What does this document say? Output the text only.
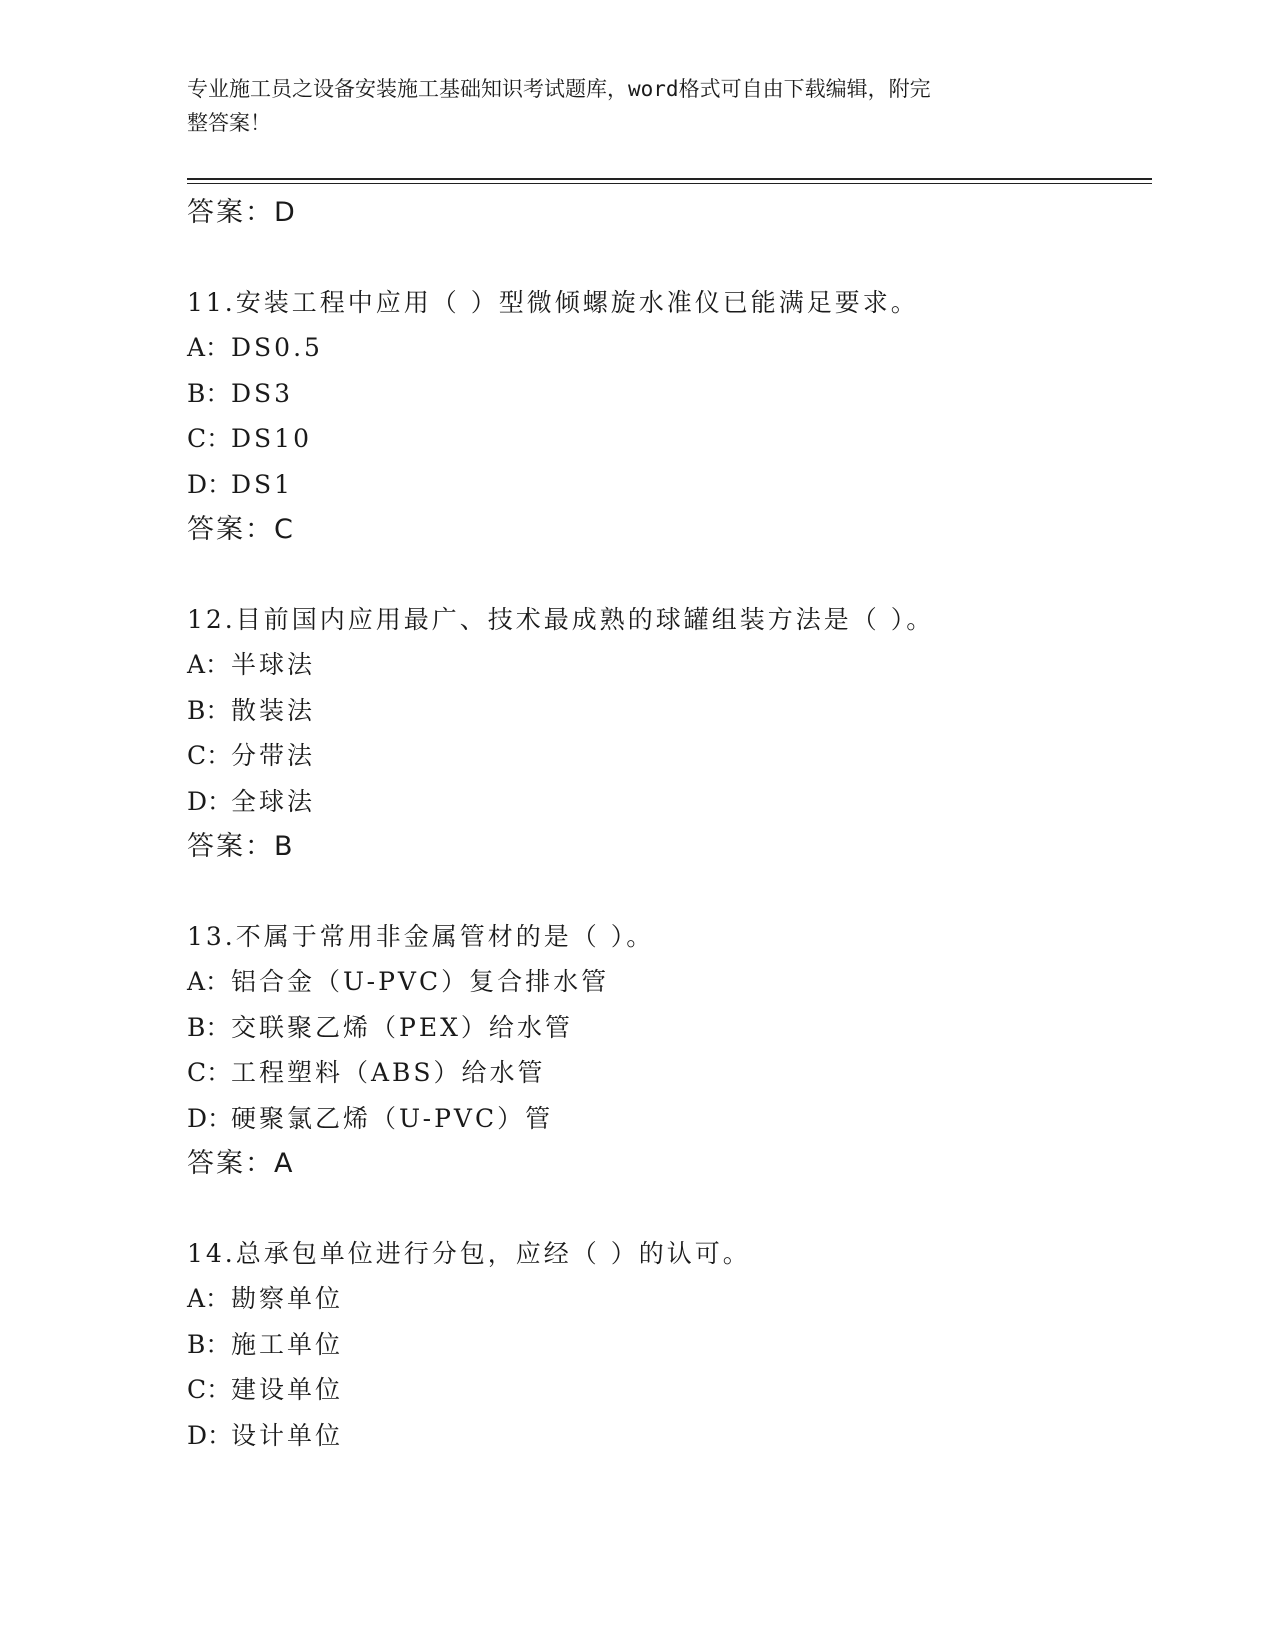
专业施工员之设备安装施工基础知识考试题库，word格式可自由下载编辑，附完
整答案！
答案：D
11.安装工程中应用（ ）型微倾螺旋水准仪已能满足要求。
A：DS0.5
B：DS3
C：DS10
D：DS1
答案：C
12.目前国内应用最广、技术最成熟的球罐组装方法是（ ）。
A：半球法
B：散装法
C：分带法
D：全球法
答案：B
13.不属于常用非金属管材的是（ ）。
A：铝合金（U-PVC）复合排水管
B：交联聚乙烯（PEX）给水管
C：工程塑料（ABS）给水管
D：硬聚氯乙烯（U-PVC）管
答案：A
14.总承包单位进行分包，应经（ ）的认可。
A：勘察单位
B：施工单位
C：建设单位
D：设计单位
